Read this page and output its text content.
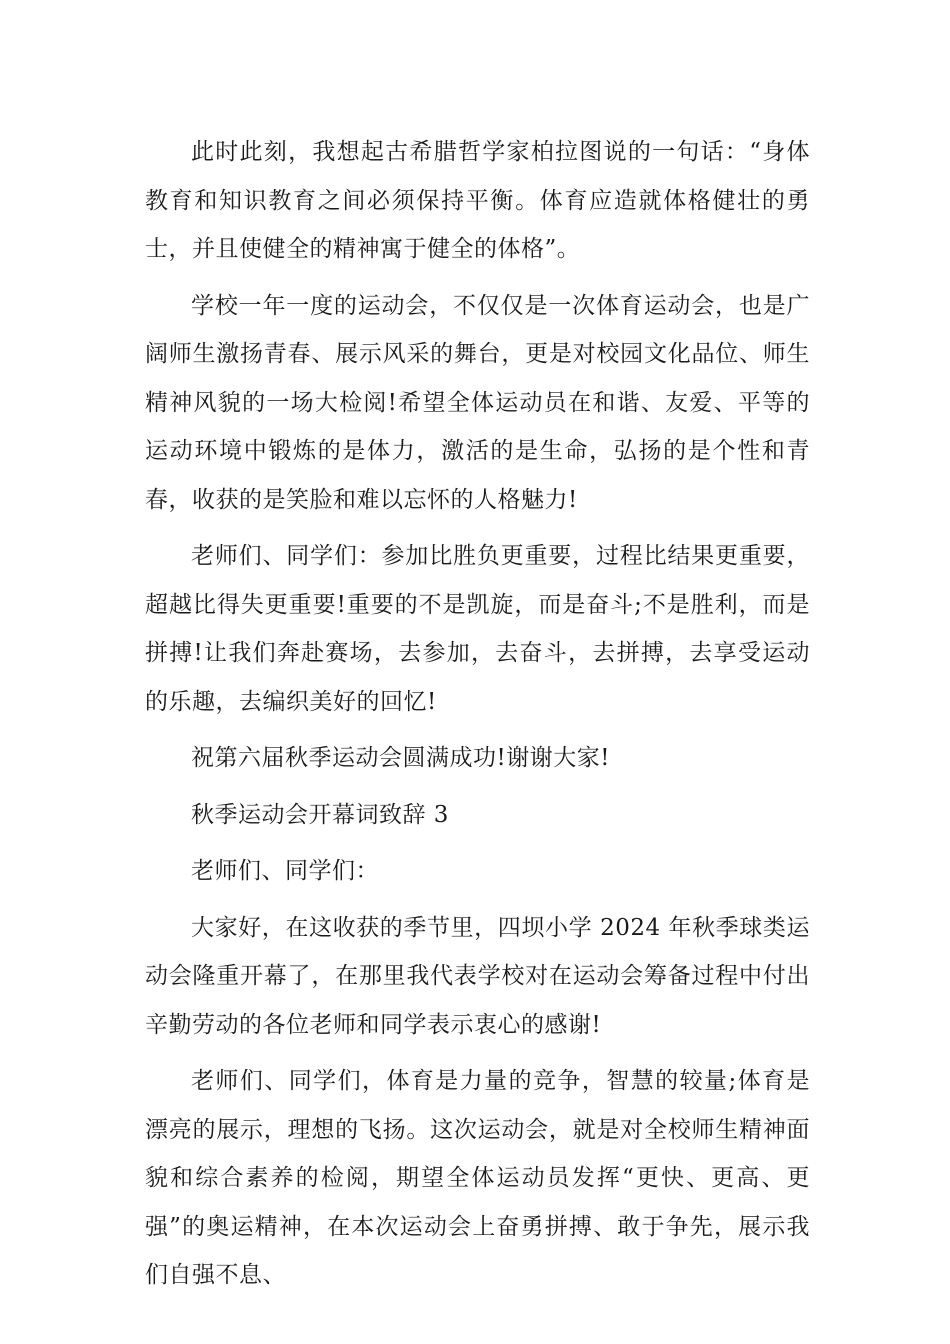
此时此刻，我想起古希腊哲学家柏拉图说的一句话：“身体教育和知识教育之间必须保持平衡。体育应造就体格健壮的勇士，并且使健全的精神寓于健全的体格”。

学校一年一度的运动会，不仅仅是一次体育运动会，也是广阔师生激扬青春、展示风采的舞台，更是对校园文化品位、师生精神风貌的一场大检阅!希望全体运动员在和谐、友爱、平等的运动环境中锻炼的是体力，激活的是生命，弘扬的是个性和青春，收获的是笑脸和难以忘怀的人格魅力!

老师们、同学们：参加比胜负更重要，过程比结果更重要，超越比得失更重要!重要的不是凯旋，而是奋斗;不是胜利，而是拼搏!让我们奔赴赛场，去参加，去奋斗，去拼搏，去享受运动的乐趣，去编织美好的回忆!

祝第六届秋季运动会圆满成功!谢谢大家!

秋季运动会开幕词致辞 3

老师们、同学们：

大家好，在这收获的季节里，四坝小学 2024 年秋季球类运动会隆重开幕了，在那里我代表学校对在运动会筹备过程中付出辛勤劳动的各位老师和同学表示衷心的感谢!

老师们、同学们，体育是力量的竞争，智慧的较量;体育是漂亮的展示，理想的飞扬。这次运动会，就是对全校师生精神面貌和综合素养的检阅，期望全体运动员发挥“更快、更高、更强”的奥运精神，在本次运动会上奋勇拼搏、敢于争先，展示我们自强不息、
